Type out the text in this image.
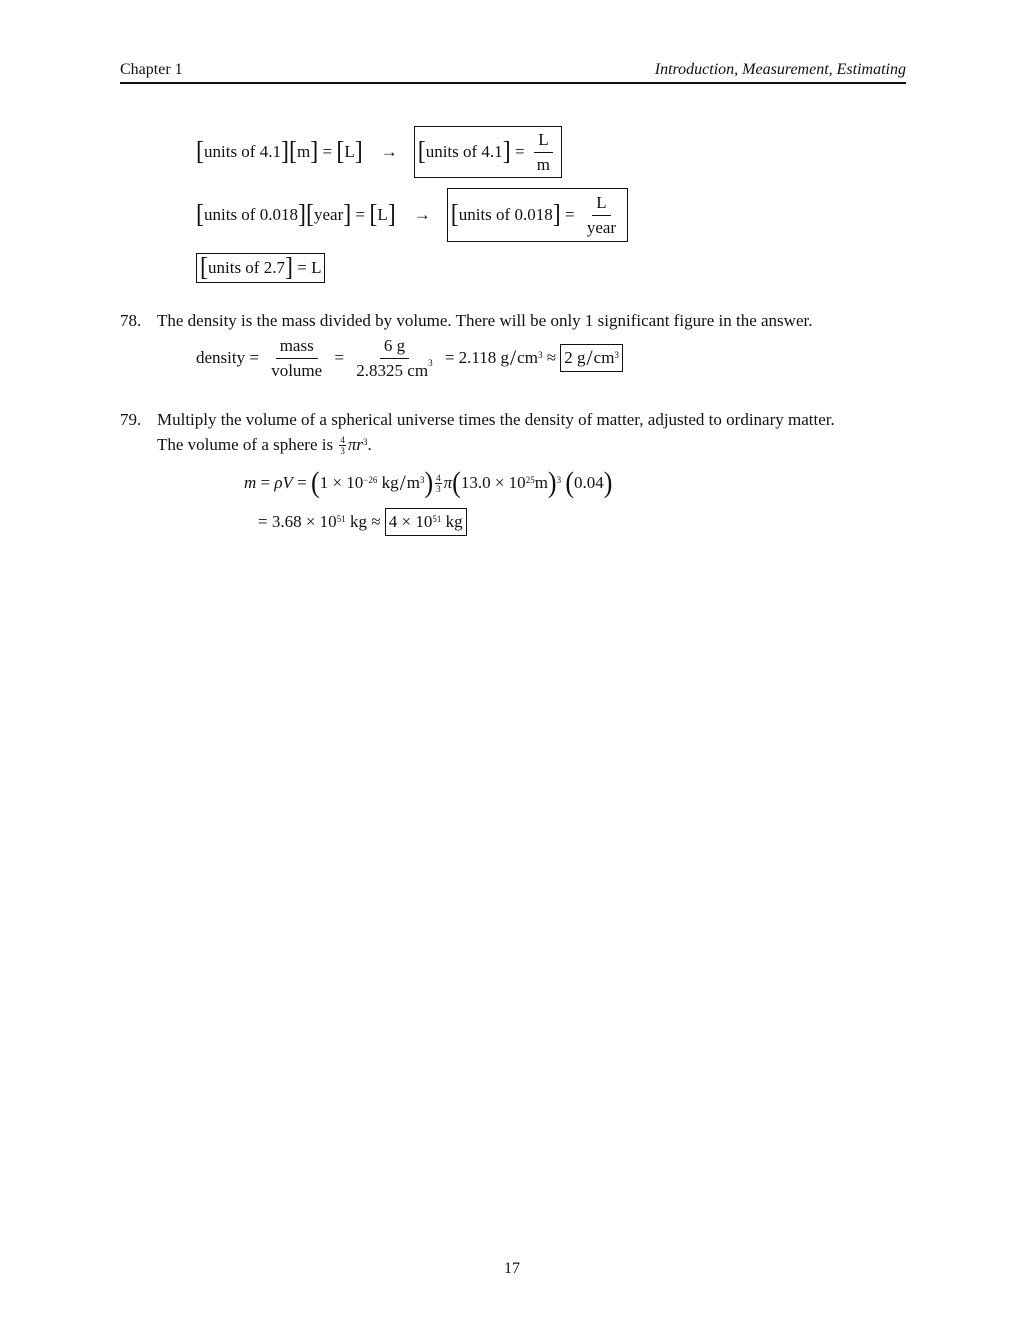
Chapter 1	Introduction, Measurement, Estimating
[ units of 4.1 ] [ m ] = [ L ] → [ units of 4.1 ] = $\frac{L}{m}$
[ units of 0.018 ] [ year ] = [ L ] → [ units of 0.018 ] = $\frac{L}{\text{year}}$
[ units of 2.7 ] = L
78. The density is the mass divided by volume. There will be only 1 significant figure in the answer.
density = $\frac{\text{mass}}{\text{volume}} = \frac{6 g}{2.8325 cm^3} = 2.118$ $g / cm^3 \approx 2$ g / $cm^3$
79. Multiply the volume of a spherical universe times the density of matter, adjusted to ordinary matter.
The volume of a sphere is
$\frac{4}{3} \pi r^3$ .
m = ρV = ( $1 \times 10^{-26}$
kg / $m^3$ ) $\frac{4}{3}$ π ( $13.0 \times 10^{25}$ m )$^3$
( 0.04 )
= $3.68 \times 10^{51}$
kg ≈ $4 \times 10^{51}$
kg
17
